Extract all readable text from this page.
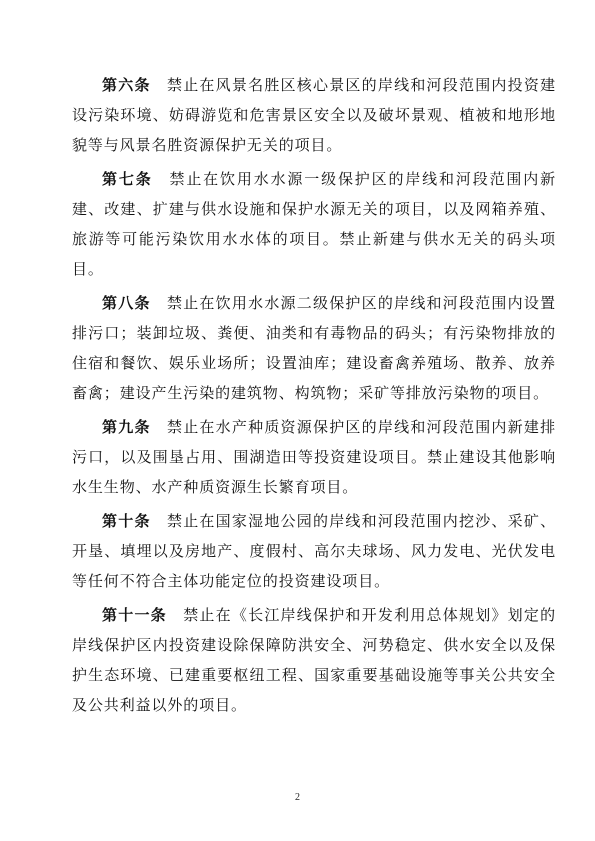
第六条 禁止在风景名胜区核心景区的岸线和河段范围内投资建设污染环境、妨碍游览和危害景区安全以及破坏景观、植被和地形地貌等与风景名胜资源保护无关的项目。

第七条 禁止在饮用水水源一级保护区的岸线和河段范围内新建、改建、扩建与供水设施和保护水源无关的项目，以及网箱养殖、旅游等可能污染饮用水水体的项目。禁止新建与供水无关的码头项目。

第八条 禁止在饮用水水源二级保护区的岸线和河段范围内设置排污口；装卸垃圾、粪便、油类和有毒物品的码头；有污染物排放的住宿和餐饮、娱乐业场所；设置油库；建设畜禽养殖场、散养、放养畜禽；建设产生污染的建筑物、构筑物；采矿等排放污染物的项目。

第九条 禁止在水产种质资源保护区的岸线和河段范围内新建排污口，以及围垦占用、围湖造田等投资建设项目。禁止建设其他影响水生生物、水产种质资源生长繁育项目。

第十条 禁止在国家湿地公园的岸线和河段范围内挖沙、采矿、开垦、填埋以及房地产、度假村、高尔夫球场、风力发电、光伏发电等任何不符合主体功能定位的投资建设项目。

第十一条 禁止在《长江岸线保护和开发利用总体规划》划定的岸线保护区内投资建设除保障防洪安全、河势稳定、供水安全以及保护生态环境、已建重要枢纽工程、国家重要基础设施等事关公共安全及公共利益以外的项目。

2
